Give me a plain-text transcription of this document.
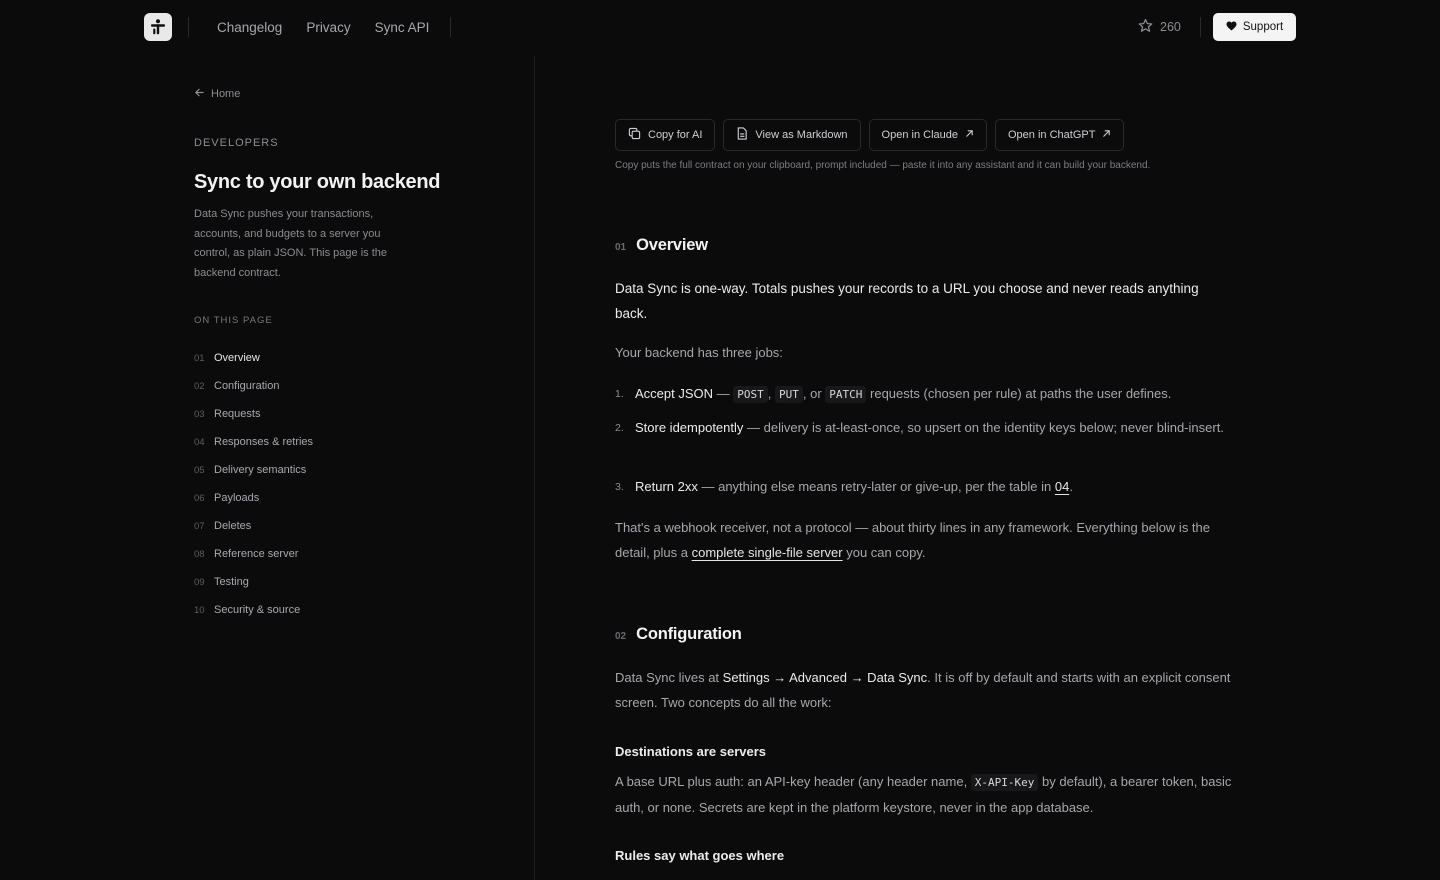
Changelog Privacy Sync API	260	Support
Home
DEVELOPERS
Sync to your own backend

Data Sync pushes your transactions, accounts, and budgets to a server you control, as plain JSON. This page is the backend contract.

ON THIS PAGE
01 Overview
02 Configuration
03 Requests
04 Responses & retries
05 Delivery semantics
06 Payloads
07 Deletes
08 Reference server
09 Testing
10 Security & source
Copy for AI	View as Markdown	Open in Claude	Open in ChatGPT

Copy puts the full contract on your clipboard, prompt included — paste it into any assistant and it can build your backend.

01 Overview

Data Sync is one-way. Totals pushes your records to a URL you choose and never reads anything back.

Your backend has three jobs:

1. Accept JSON — POST , PUT , or PATCH requests (chosen per rule) at paths the user defines.
2. Store idempotently — delivery is at-least-once, so upsert on the identity keys below; never blind-insert.
3. Return 2xx — anything else means retry-later or give-up, per the table in 04.

That's a webhook receiver, not a protocol — about thirty lines in any framework. Everything below is the detail, plus a complete single-file server you can copy.

02 Configuration

Data Sync lives at Settings → Advanced → Data Sync. It is off by default and starts with an explicit consent screen. Two concepts do all the work:

Destinations are servers

A base URL plus auth: an API-key header (any header name, X-API-Key by default), a bearer token, basic auth, or none. Secrets are kept in the platform keystore, never in the app database.

Rules say what goes where
